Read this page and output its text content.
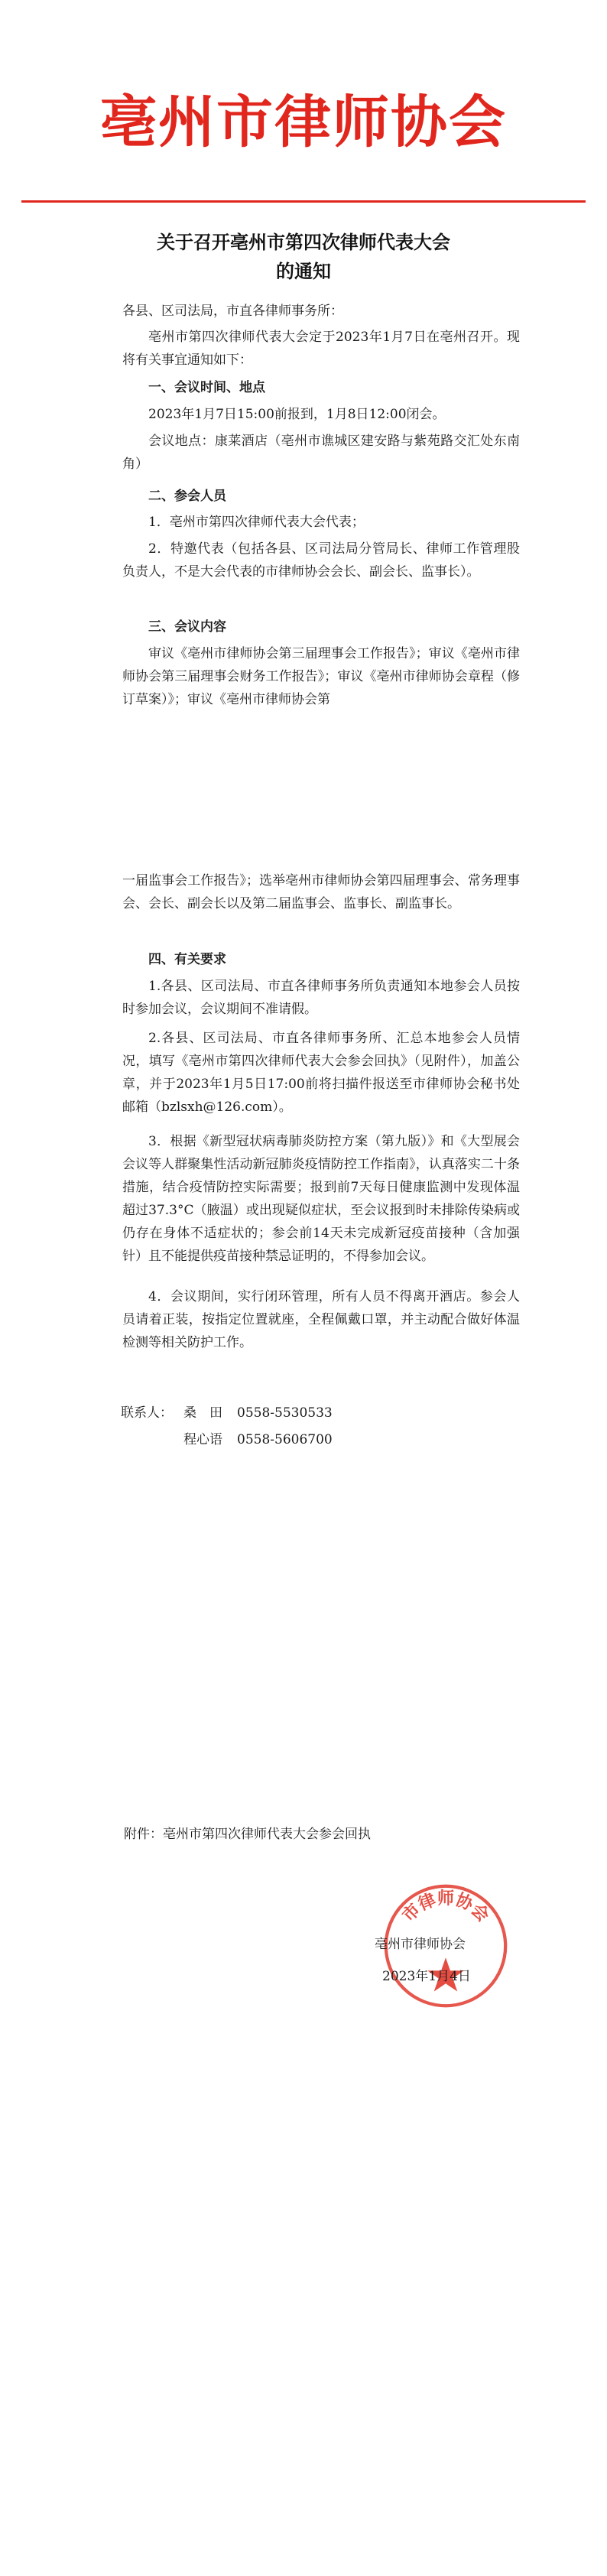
亳州市律师协会
关于召开亳州市第四次律师代表大会
的通知

各县、区司法局，市直各律师事务所：

亳州市第四次律师代表大会定于2023年1月7日在亳州召开。现将有关事宜通知如下：

一、会议时间、地点

2023年1月7日15:00前报到，1月8日12:00闭会。

会议地点：康莱酒店（亳州市谯城区建安路与紫苑路交汇处东南角）

二、参会人员

1．亳州市第四次律师代表大会代表；

2．特邀代表（包括各县、区司法局分管局长、律师工作管理股负责人，不是大会代表的市律师协会会长、副会长、监事长）。

三、会议内容

审议《亳州市律师协会第三届理事会工作报告》；审议《亳州市律师协会第三届理事会财务工作报告》；审议《亳州市律师协会章程（修订草案）》；审议《亳州市律师协会第

一届监事会工作报告》；选举亳州市律师协会第四届理事会、常务理事会、会长、副会长以及第二届监事会、监事长、副监事长。

四、有关要求

1.各县、区司法局、市直各律师事务所负责通知本地参会人员按时参加会议，会议期间不准请假。

2.各县、区司法局、市直各律师事务所、汇总本地参会人员情况，填写《亳州市第四次律师代表大会参会回执》（见附件），加盖公章，并于2023年1月5日17:00前将扫描件报送至市律师协会秘书处邮箱（bzlsxh@126.com）。

3．根据《新型冠状病毒肺炎防控方案（第九版）》和《大型展会会议等人群聚集性活动新冠肺炎疫情防控工作指南》，认真落实二十条措施，结合疫情防控实际需要；报到前7天每日健康监测中发现体温超过37.3°C（腋温）或出现疑似症状，至会议报到时未排除传染病或仍存在身体不适症状的；参会前14天未完成新冠疫苗接种（含加强针）且不能提供疫苗接种禁忌证明的，不得参加会议。

4．会议期间，实行闭环管理，所有人员不得离开酒店。参会人员请着正装，按指定位置就座，全程佩戴口罩，并主动配合做好体温检测等相关防护工作。

联系人： 桑　田 0558-5530533
程心语 0558-5606700
附件：亳州市第四次律师代表大会参会回执
市律师协会
亳州市律师协会
2023年1月4日
